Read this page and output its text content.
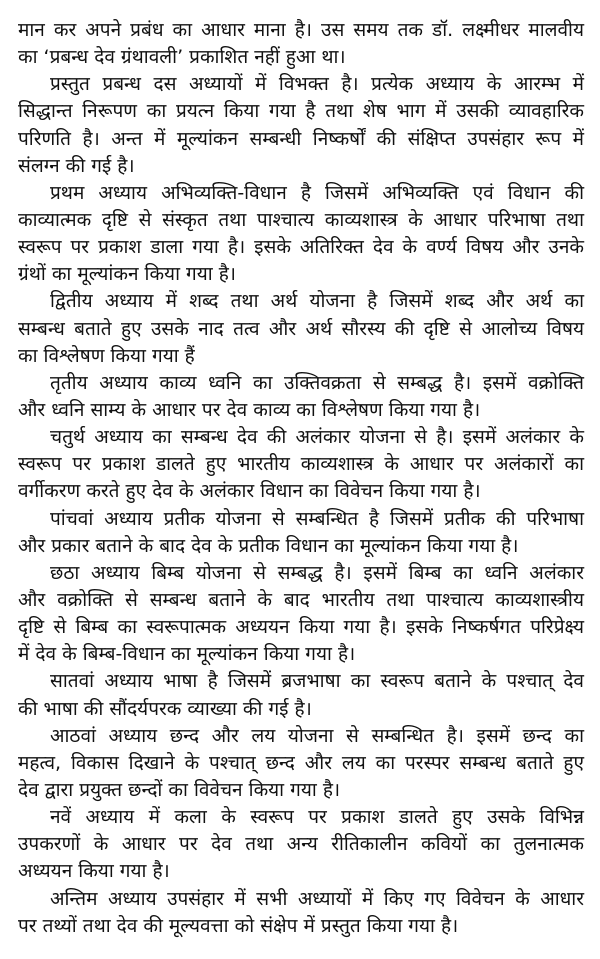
मान कर अपने प्रबंध का आधार माना है। उस समय तक डॉ. लक्ष्मीधर मालवीय
का ‘प्रबन्ध देव ग्रंथावली’ प्रकाशित नहीं हुआ था।
प्रस्तुत प्रबन्ध दस अध्यायों में विभक्त है। प्रत्येक अध्याय के आरम्भ में
सिद्धान्त निरूपण का प्रयत्न किया गया है तथा शेष भाग में उसकी व्यावहारिक
परिणति है। अन्त में मूल्यांकन सम्बन्धी निष्कर्षों की संक्षिप्त उपसंहार रूप में
संलग्न की गई है।
प्रथम अध्याय अभिव्यक्ति-विधान है जिसमें अभिव्यक्ति एवं विधान की
काव्यात्मक दृष्टि से संस्कृत तथा पाश्चात्य काव्यशास्त्र के आधार परिभाषा तथा
स्वरूप पर प्रकाश डाला गया है। इसके अतिरिक्त देव के वर्ण्य विषय और उनके
ग्रंथों का मूल्यांकन किया गया है।
द्वितीय अध्याय में शब्द तथा अर्थ योजना है जिसमें शब्द और अर्थ का
सम्बन्ध बताते हुए उसके नाद तत्व और अर्थ सौरस्य की दृष्टि से आलोच्य विषय
का विश्लेषण किया गया हैं
तृतीय अध्याय काव्य ध्वनि का उक्तिवक्रता से सम्बद्ध है। इसमें वक्रोक्ति
और ध्वनि साम्य के आधार पर देव काव्य का विश्लेषण किया गया है।
चतुर्थ अध्याय का सम्बन्ध देव की अलंकार योजना से है। इसमें अलंकार के
स्वरूप पर प्रकाश डालते हुए भारतीय काव्यशास्त्र के आधार पर अलंकारों का
वर्गीकरण करते हुए देव के अलंकार विधान का विवेचन किया गया है।
पांचवां अध्याय प्रतीक योजना से सम्बन्धित है जिसमें प्रतीक की परिभाषा
और प्रकार बताने के बाद देव के प्रतीक विधान का मूल्यांकन किया गया है।
छठा अध्याय बिम्ब योजना से सम्बद्ध है। इसमें बिम्ब का ध्वनि अलंकार
और वक्रोक्ति से सम्बन्ध बताने के बाद भारतीय तथा पाश्चात्य काव्यशास्त्रीय
दृष्टि से बिम्ब का स्वरूपात्मक अध्ययन किया गया है। इसके निष्कर्षगत परिप्रेक्ष्य
में देव के बिम्ब-विधान का मूल्यांकन किया गया है।
सातवां अध्याय भाषा है जिसमें ब्रजभाषा का स्वरूप बताने के पश्चात् देव
की भाषा की सौंदर्यपरक व्याख्या की गई है।
आठवां अध्याय छन्द और लय योजना से सम्बन्धित है। इसमें छन्द का
महत्व, विकास दिखाने के पश्चात् छन्द और लय का परस्पर सम्बन्ध बताते हुए
देव द्वारा प्रयुक्त छन्दों का विवेचन किया गया है।
नवें अध्याय में कला के स्वरूप पर प्रकाश डालते हुए उसके विभिन्न
उपकरणों के आधार पर देव तथा अन्य रीतिकालीन कवियों का तुलनात्मक
अध्ययन किया गया है।
अन्तिम अध्याय उपसंहार में सभी अध्यायों में किए गए विवेचन के आधार
पर तथ्यों तथा देव की मूल्यवत्ता को संक्षेप में प्रस्तुत किया गया है।
